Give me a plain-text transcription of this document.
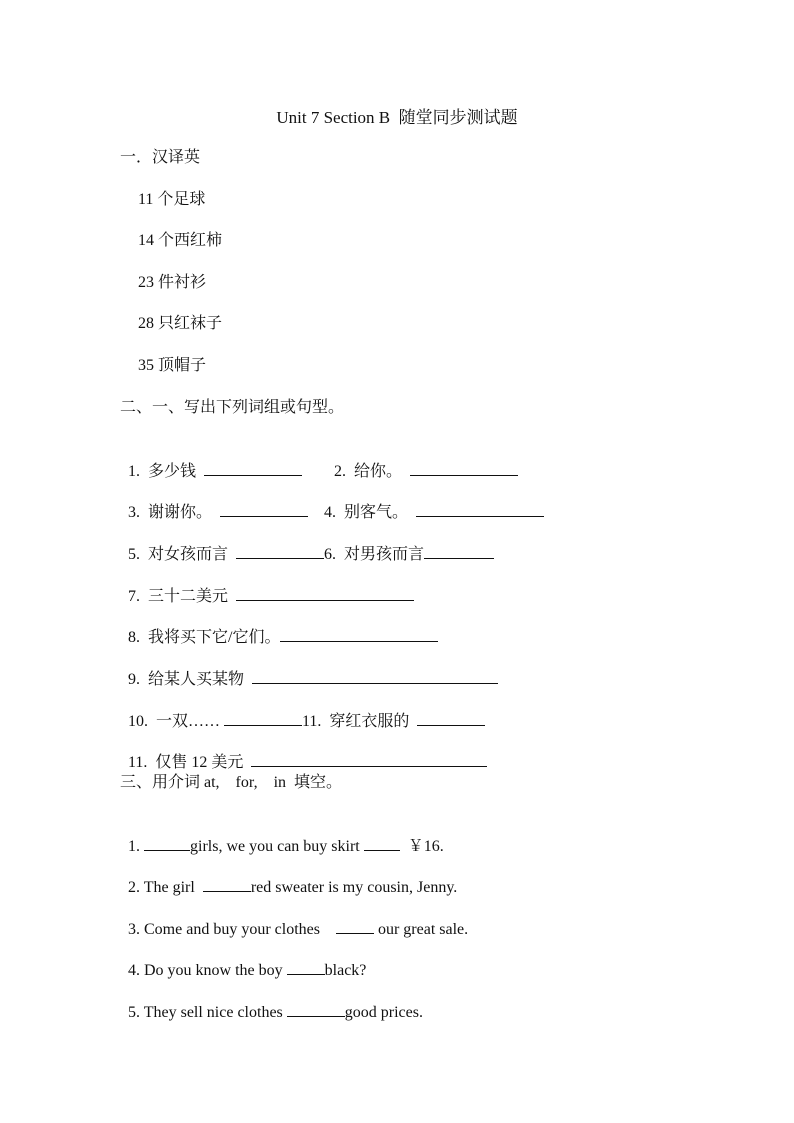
Unit 7 Section B  随堂同步测试题
一．汉译英
11 个足球
14 个西红柿
23 件衬衫
28 只红袜子
35 顶帽子
二、一、写出下列词组或句型。

1. 多少钱	2. 给你。

3. 谢谢你。	4. 别客气。

5. 对女孩而言	6. 对男孩而言

7. 三十二美元

8. 我将买下它/它们。

9. 给某人买某物

10. 一双……	11. 穿红衣服的

11. 仅售 12 美元

三、用介词 at,    for,    in  填空。

1.	girls, we you can buy skirt	￥16.

2. The girl	red sweater is my cousin, Jenny.

3. Come and buy your clothes	our great sale.

4. Do you know the boy	black?

5. They sell nice clothes	good prices.
